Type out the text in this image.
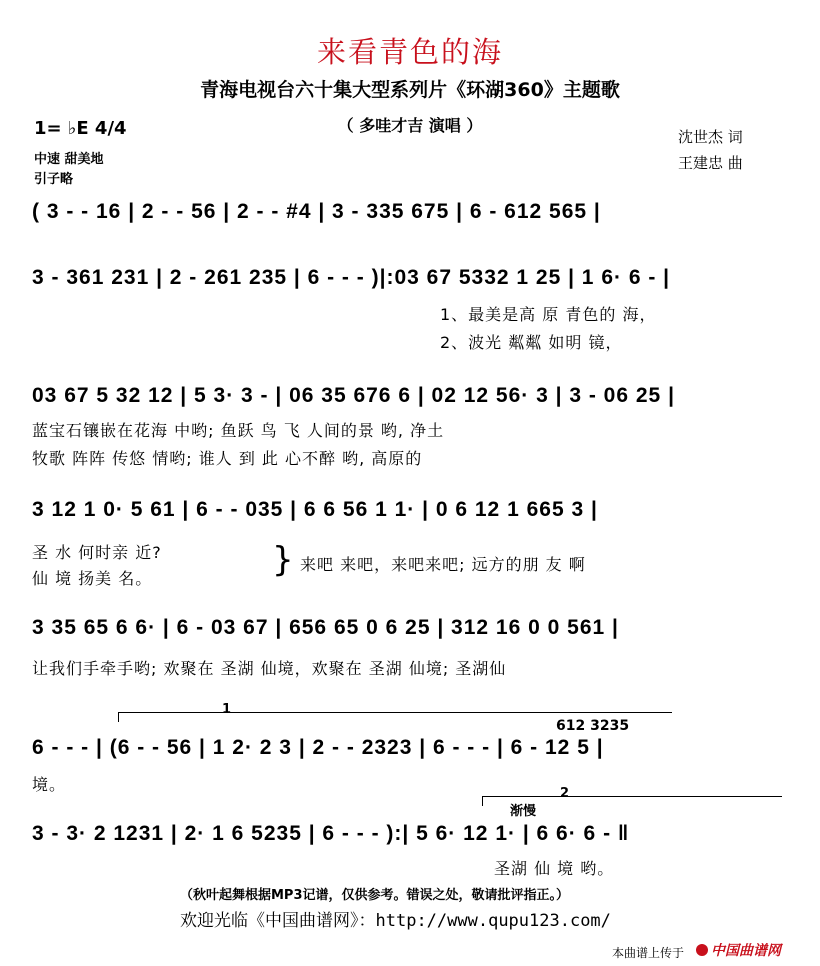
来看青色的海
青海电视台六十集大型系列片《环湖360》主题歌
（ 多哇才吉 演唱 ）
1= ♭E 4/4
中速 甜美地
引子略
沈世杰 词
王建忠 曲
( 3 - - 16 | 2 - - 56 | 2 - - #4 | 3 - 335 675 | 6 - 612 565 |
3 - 361 231 | 2 - 261 235 | 6 - - - )|:03 67 5332 1 25 | 1 6· 6 - |
1、最美是高 原 青色的 海，
2、波光 粼粼 如明 镜，
03 67 5 32 12 | 5 3· 3 - | 06 35 676 6 | 02 12 56· 3 | 3 - 06 25 |
蓝宝石镶嵌在花海 中哟; 鱼跃 鸟 飞 人间的景 哟, 净土
牧歌 阵阵 传悠 情哟; 谁人 到 此 心不醉 哟, 高原的
3 12 1 0· 5 61 | 6 - - 035 | 6 6 56 1 1· | 0 6 12 1 665 3 |
圣 水 何时亲 近?
仙 境 扬美 名。	} 来吧 来吧，来吧来吧; 远方的朋 友 啊
3 35 65 6 6· | 6 - 03 67 | 656 65 0 6 25 | 312 16 0 0 561 |
让我们手牵手哟; 欢聚在 圣湖 仙境，欢聚在 圣湖 仙境; 圣湖仙
1
612 3235
6 - - - | (6 - - 56 | 1 2· 2 3 | 2 - - 2323 | 6 - - - | 6 - 12 5 |
境。	2
渐慢
3 - 3· 2 1231 | 2· 1 6 5235 | 6 - - - ):| 5 6· 12 1· | 6 6· 6 - ‖
圣湖 仙 境 哟。
（秋叶起舞根据MP3记谱，仅供参考。错误之处，敬请批评指正。）
欢迎光临《中国曲谱网》：http://www.qupu123.com/
本曲谱上传于 中国曲谱网
